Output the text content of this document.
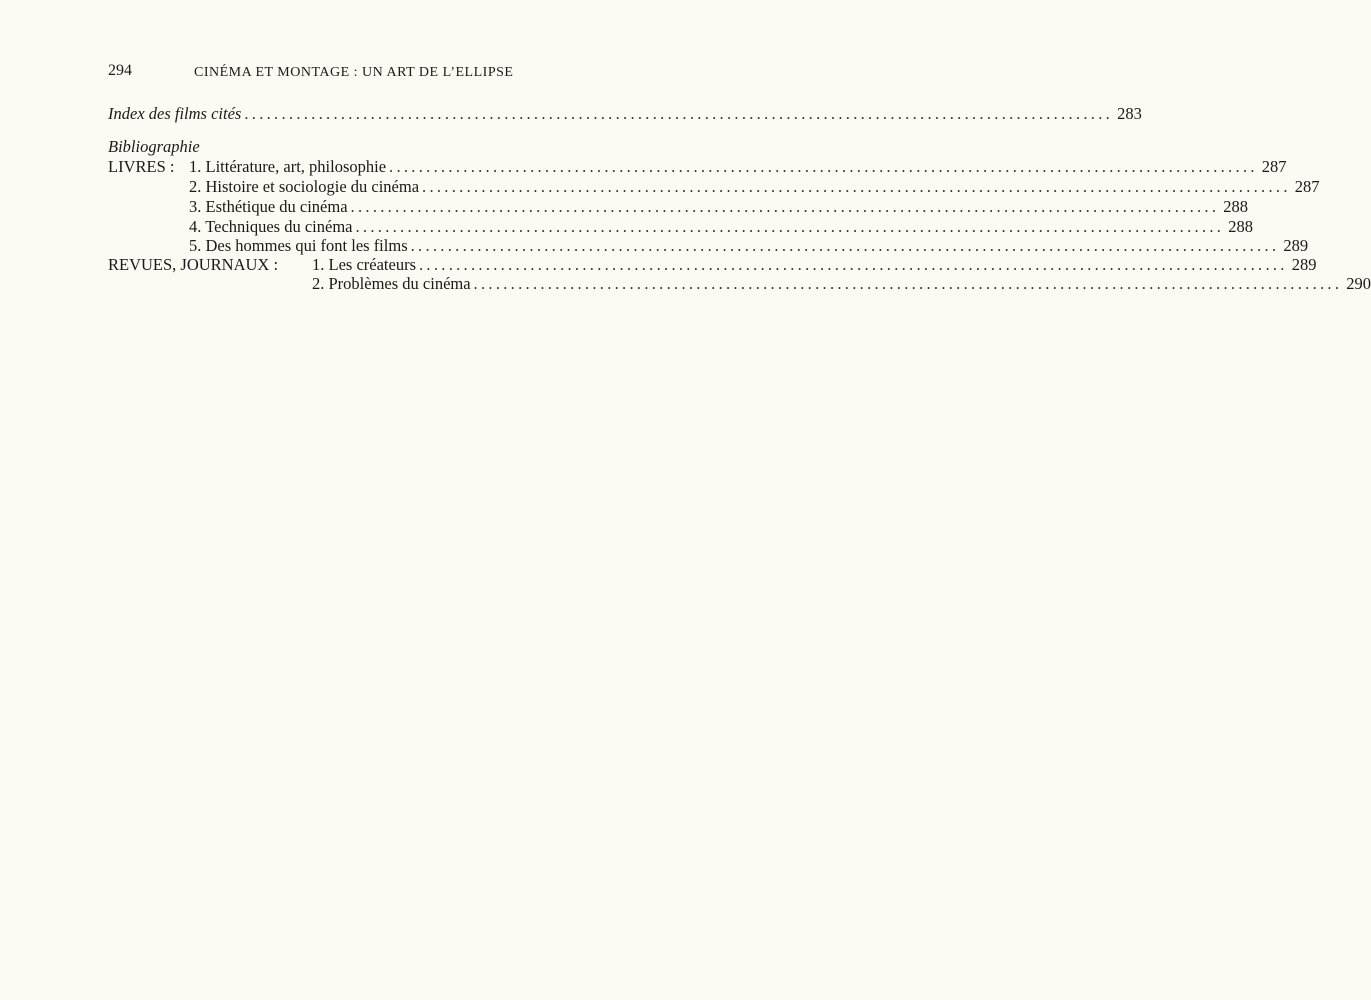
294	CINÉMA ET MONTAGE : UN ART DE L’ELLIPSE
Index des films cités ..................................................................................................................... 283
Bibliographie
LIVRES : 1. Littérature, art, philosophie ..................................................................................................................... 287
2. Histoire et sociologie du cinéma ..................................................................................................................... 287
3. Esthétique du cinéma ..................................................................................................................... 288
4. Techniques du cinéma ..................................................................................................................... 288
5. Des hommes qui font les films ..................................................................................................................... 289
REVUES, JOURNAUX : 1. Les créateurs ..................................................................................................................... 289
2. Problèmes du cinéma ..................................................................................................................... 290
